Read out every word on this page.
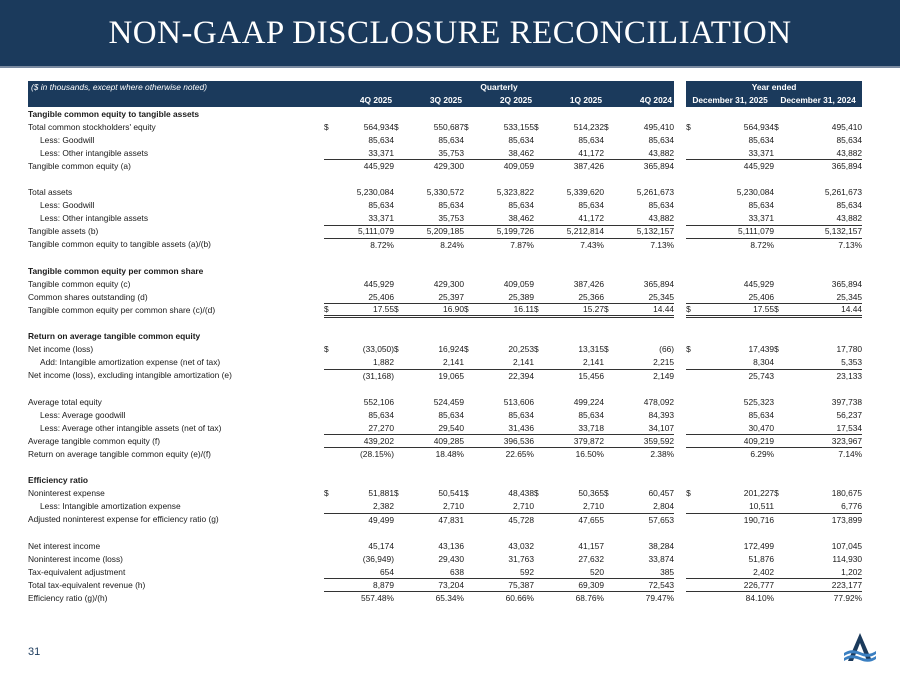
NON-GAAP DISCLOSURE RECONCILIATION
($ in thousands, except where otherwise noted)	Quarterly											Year ended			
	4Q 2025		3Q 2025		2Q 2025		1Q 2025		4Q 2024			December 31, 2025		December 31, 2024	
Tangible common equity to tangible assets															
Total common stockholders' equity	$	564,934	$	550,687	$	533,155	$	514,232	$	495,410		$	564,934	$	495,410
Less: Goodwill		85,634		85,634		85,634		85,634		85,634			85,634		85,634
Less: Other intangible assets		33,371		35,753		38,462		41,172		43,882			33,371		43,882
Tangible common equity (a)		445,929		429,300		409,059		387,426		365,894			445,929		365,894

Total assets		5,230,084		5,330,572		5,323,822		5,339,620		5,261,673			5,230,084		5,261,673
Less: Goodwill		85,634		85,634		85,634		85,634		85,634			85,634		85,634
Less: Other intangible assets		33,371		35,753		38,462		41,172		43,882			33,371		43,882
Tangible assets (b)		5,111,079		5,209,185		5,199,726		5,212,814		5,132,157			5,111,079		5,132,157
Tangible common equity to tangible assets (a)/(b)		8.72%		8.24%		7.87%		7.43%		7.13%			8.72%		7.13%

Tangible common equity per common share															
Tangible common equity (c)		445,929		429,300		409,059		387,426		365,894			445,929		365,894
Common shares outstanding (d)		25,406		25,397		25,389		25,366		25,345			25,406		25,345
Tangible common equity per common share (c)/(d)	$	17.55	$	16.90	$	16.11	$	15.27	$	14.44		$	17.55	$	14.44

Return on average tangible common equity															
Net income (loss)	$	(33,050)	$	16,924	$	20,253	$	13,315	$	(66)		$	17,439	$	17,780
Add: Intangible amortization expense (net of tax)		1,882		2,141		2,141		2,141		2,215			8,304		5,353
Net income (loss), excluding intangible amortization (e)		(31,168)		19,065		22,394		15,456		2,149			25,743		23,133

Average total equity		552,106		524,459		513,606		499,224		478,092			525,323		397,738
Less: Average goodwill		85,634		85,634		85,634		85,634		84,393			85,634		56,237
Less: Average other intangible assets (net of tax)		27,270		29,540		31,436		33,718		34,107			30,470		17,534
Average tangible common equity (f)		439,202		409,285		396,536		379,872		359,592			409,219		323,967
Return on average tangible common equity (e)/(f)		(28.15%)		18.48%		22.65%		16.50%		2.38%			6.29%		7.14%

Efficiency ratio															
Noninterest expense	$	51,881	$	50,541	$	48,438	$	50,365	$	60,457		$	201,227	$	180,675
Less: Intangible amortization expense		2,382		2,710		2,710		2,710		2,804			10,511		6,776
Adjusted noninterest expense for efficiency ratio (g)		49,499		47,831		45,728		47,655		57,653			190,716		173,899

Net interest income		45,174		43,136		43,032		41,157		38,284			172,499		107,045
Noninterest income (loss)		(36,949)		29,430		31,763		27,632		33,874			51,876		114,930
Tax-equivalent adjustment		654		638		592		520		385			2,402		1,202
Total tax-equivalent revenue (h)		8,879		73,204		75,387		69,309		72,543			226,777		223,177
Efficiency ratio (g)/(h)		557.48%		65.34%		60.66%		68.76%		79.47%			84.10%		77.92%
31
